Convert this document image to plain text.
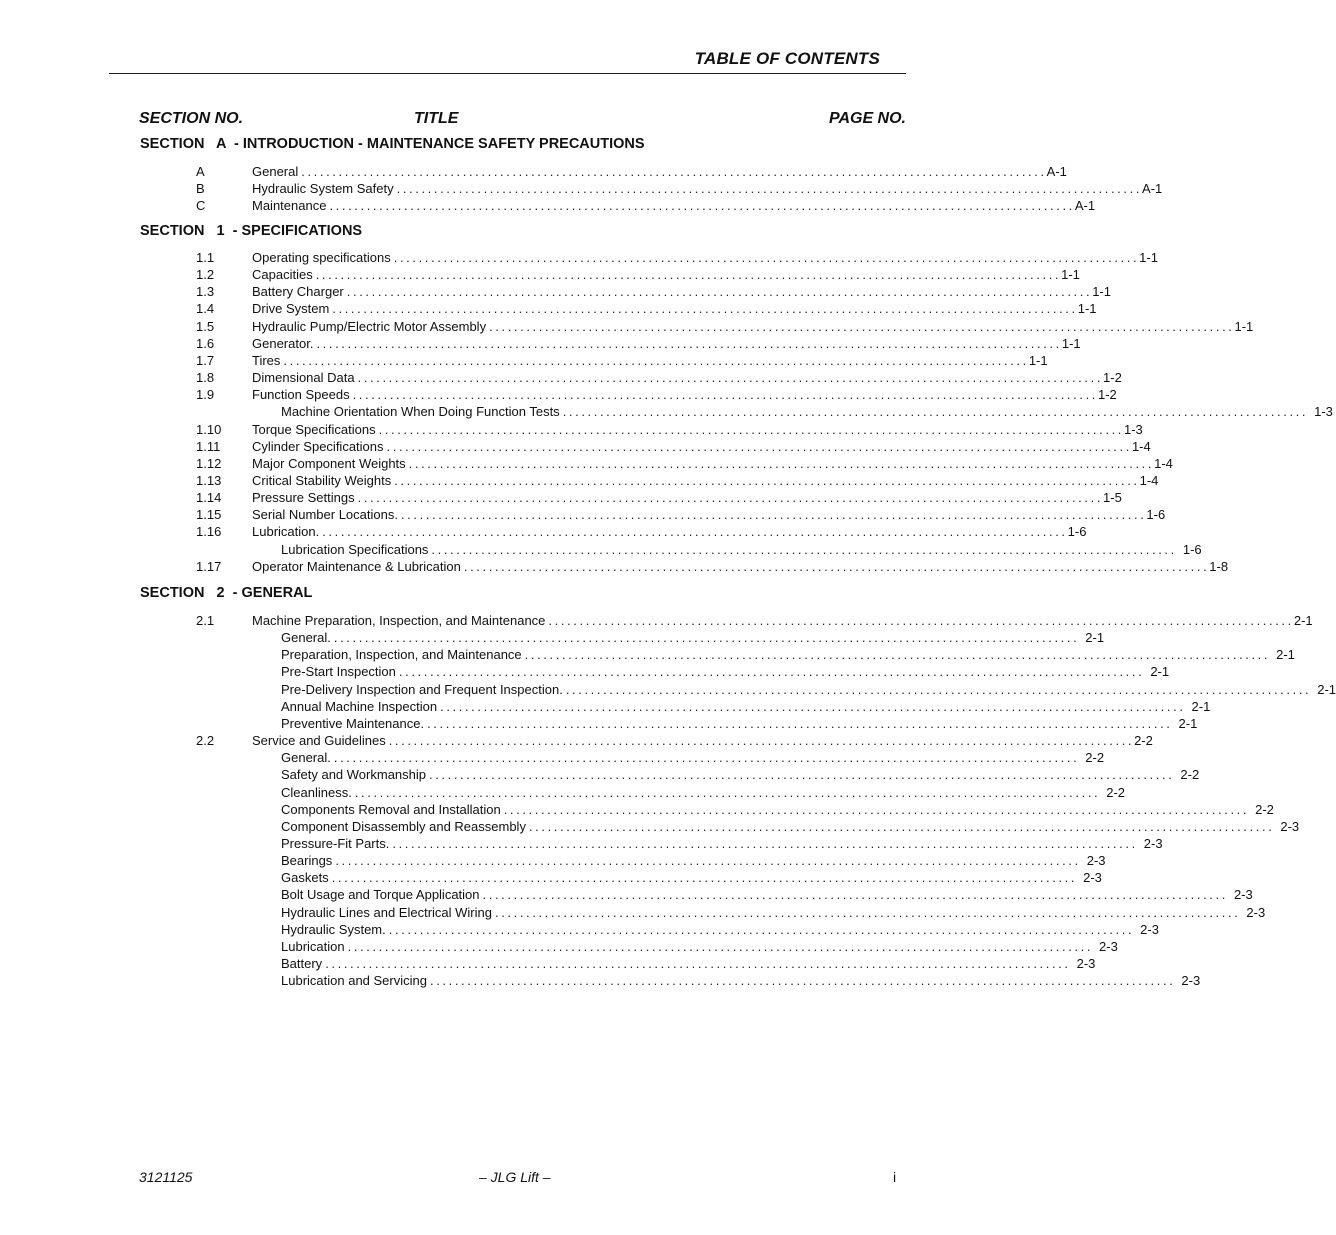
TABLE OF CONTENTS
SECTION NO.	TITLE	PAGE NO.
SECTION   A  - INTRODUCTION - MAINTENANCE SAFETY PRECAUTIONS
A	General ........................................................................................................................ A-1
B	Hydraulic System Safety ........................................................................................................................ A-1
C	Maintenance ........................................................................................................................ A-1
SECTION   1  - SPECIFICATIONS
1.1	Operating specifications ........................................................................................................................ 1-1
1.2	Capacities ........................................................................................................................ 1-1
1.3	Battery Charger ........................................................................................................................ 1-1
1.4	Drive System ........................................................................................................................ 1-1
1.5	Hydraulic Pump/Electric Motor Assembly ........................................................................................................................ 1-1
1.6	Generator. ........................................................................................................................ 1-1
1.7	Tires ........................................................................................................................ 1-1
1.8	Dimensional Data ........................................................................................................................ 1-2
1.9	Function Speeds ........................................................................................................................ 1-2
Machine Orientation When Doing Function Tests ........................................................................................................................ 1-3
1.10 Torque Specifications ........................................................................................................................ 1-3
1.11 Cylinder Specifications ........................................................................................................................ 1-4
1.12 Major Component Weights ........................................................................................................................ 1-4
1.13 Critical Stability Weights ........................................................................................................................ 1-4
1.14 Pressure Settings ........................................................................................................................ 1-5
1.15 Serial Number Locations. ........................................................................................................................ 1-6
1.16 Lubrication. ........................................................................................................................ 1-6
Lubrication Specifications ........................................................................................................................ 1-6
1.17 Operator Maintenance & Lubrication ........................................................................................................................ 1-8
SECTION   2  - GENERAL
2.1	Machine Preparation, Inspection, and Maintenance ........................................................................................................................ 2-1
General. ........................................................................................................................ 2-1
Preparation, Inspection, and Maintenance ........................................................................................................................ 2-1
Pre-Start Inspection ........................................................................................................................ 2-1
Pre-Delivery Inspection and Frequent Inspection. ........................................................................................................................ 2-1
Annual Machine Inspection ........................................................................................................................ 2-1
Preventive Maintenance. ........................................................................................................................ 2-1
2.2	Service and Guidelines ........................................................................................................................ 2-2
General. ........................................................................................................................ 2-2
Safety and Workmanship ........................................................................................................................ 2-2
Cleanliness. ........................................................................................................................ 2-2
Components Removal and Installation ........................................................................................................................ 2-2
Component Disassembly and Reassembly ........................................................................................................................ 2-3
Pressure-Fit Parts. ........................................................................................................................ 2-3
Bearings ........................................................................................................................ 2-3
Gaskets ........................................................................................................................ 2-3
Bolt Usage and Torque Application ........................................................................................................................ 2-3
Hydraulic Lines and Electrical Wiring ........................................................................................................................ 2-3
Hydraulic System. ........................................................................................................................ 2-3
Lubrication ........................................................................................................................ 2-3
Battery ........................................................................................................................ 2-3
Lubrication and Servicing ........................................................................................................................ 2-3
3121125	– JLG Lift –	i
